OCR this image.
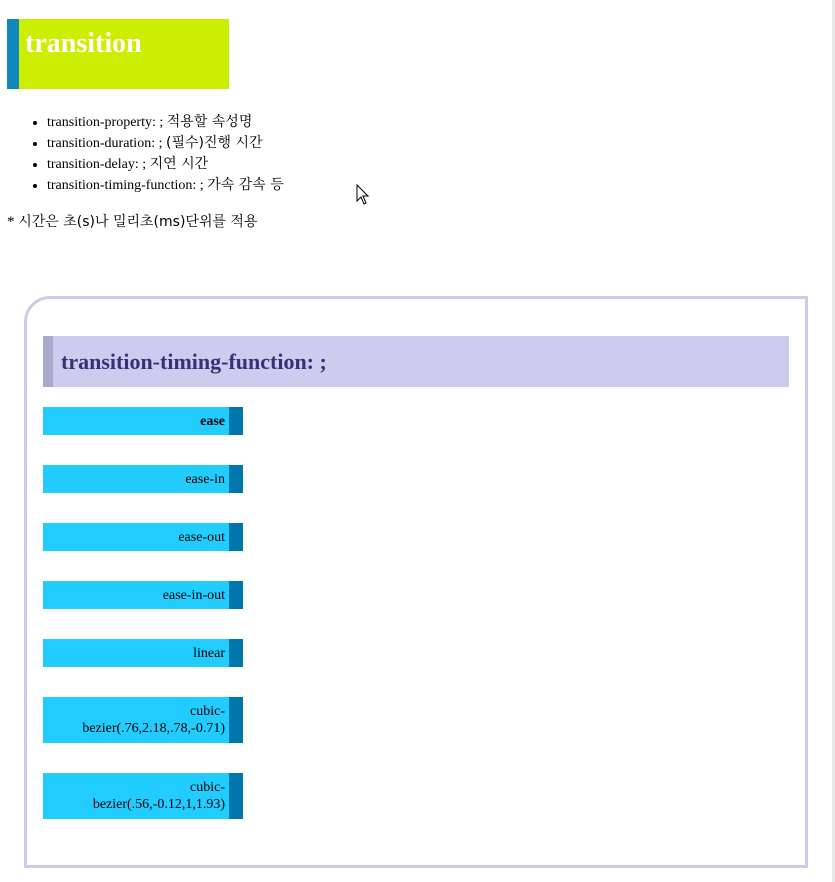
transition
• transition-property: ; 적용할 속성명
• transition-duration: ; (필수)진행 시간
• transition-delay: ; 지연 시간
• transition-timing-function: ; 가속 감속 등

* 시간은 초(s)나 밀리초(ms)단위를 적용

transition-timing-function: ;
ease
ease-in
ease-out
ease-in-out
linear
cubic-
bezier(.76,2.18,.78,-0.71)
cubic-
bezier(.56,-0.12,1,1.93)
